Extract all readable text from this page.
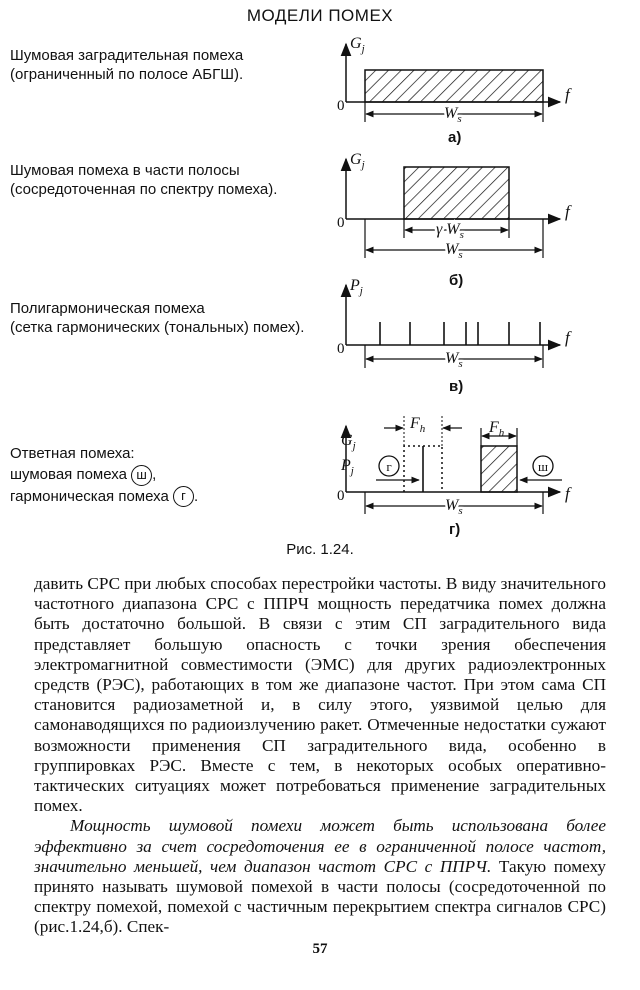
МОДЕЛИ ПОМЕХ
Шумовая заградительная помеха
(ограниченный по полосе АБГШ).
Шумовая помеха в части полосы
(сосредоточенная по спектру помеха).
Полигармоническая помеха
(сетка гармонических (тональных) помех).
Ответная помеха:
шумовая помеха ш ,
гармоническая помеха г .
$G_j$
f
0	$W_s$
а)
$G_j$
f
0	γ $W_s$
$W_s$
б)
$P_j$
f
0
$W_s$
в)
г	ш
$G_j$
$P_j$
f
0
$F_h$	$F_h$
$W_s$
г)
Рис. 1.24.

давить СРС при любых способах перестройки частоты. В виду значительного частотного диапазона СРС с ППРЧ мощность передатчика помех должна быть достаточно большой. В связи с этим СП заградительного вида представляет большую опасность с точки зрения обеспечения электромагнитной совместимости (ЭМС) для других радиоэлектронных средств (РЭС), работающих в том же диапазоне частот. При этом сама СП становится радиозаметной и, в силу этого, уязвимой целью для самонаводящихся по радиоизлучению ракет. Отмеченные недостатки сужают возможности применения СП заградительного вида, особенно в группировках РЭС. Вместе с тем, в некоторых особых оперативно-тактических ситуациях может потребоваться применение заградительных помех.

Мощность шумовой помехи может быть использована более эффективно за счет сосредоточения ее в ограниченной полосе частот, значительно меньшей, чем диапазон частот СРС с ППРЧ. Такую помеху принято называть шумовой помехой в части полосы (сосредоточенной по спектру помехой, помехой с частичным перекрытием спектра сигналов СРС) (рис.1.24,б). Спек-

57
